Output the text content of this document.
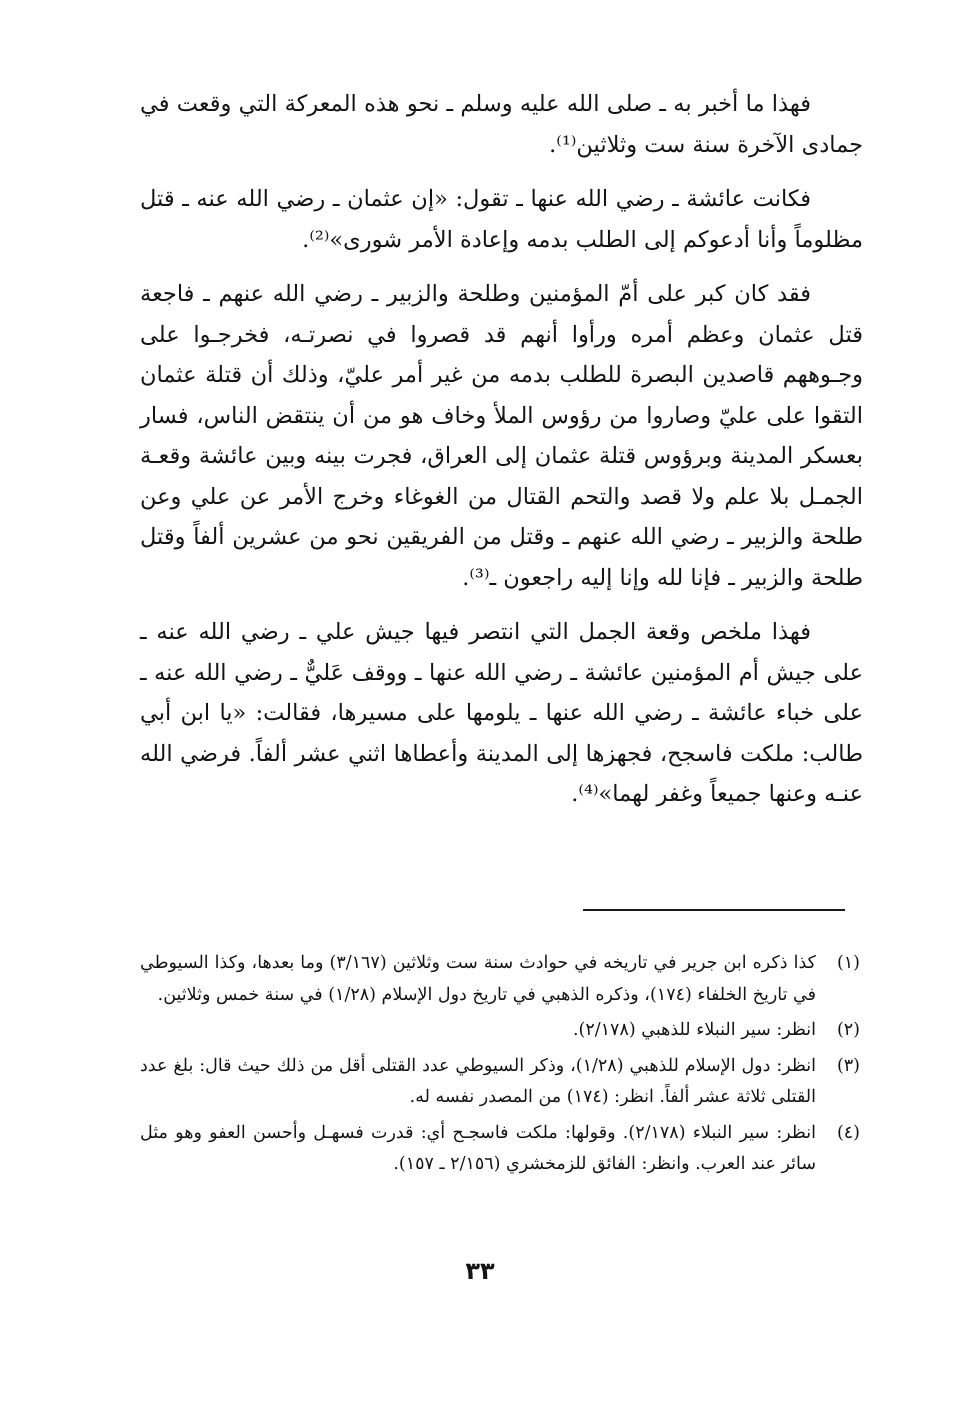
فهذا ما أخبر به ـ صلى الله عليه وسلم ـ نحو هذه المعركة التي وقعت في جمادى الآخرة سنة ست وثلاثين⁽¹⁾.

فكانت عائشة ـ رضي الله عنها ـ تقول: «إن عثمان ـ رضي الله عنه ـ قتل مظلوماً وأنا أدعوكم إلى الطلب بدمه وإعادة الأمر شورى»⁽²⁾.

فقد كان كبر على أمّ المؤمنين وطلحة والزبير ـ رضي الله عنهم ـ فاجعة قتل عثمان وعظم أمره ورأوا أنهم قد قصروا في نصرتـه، فخرجـوا على وجـوههم قاصدين البصرة للطلب بدمه من غير أمر عليّ، وذلك أن قتلة عثمان التقوا على عليّ وصاروا من رؤوس الملأ وخاف هو من أن ينتقض الناس، فسار بعسكر المدينة وبرؤوس قتلة عثمان إلى العراق، فجرت بينه وبين عائشة وقعـة الجمـل بلا علم ولا قصد والتحم القتال من الغوغاء وخرج الأمر عن علي وعن طلحة والزبير ـ رضي الله عنهم ـ وقتل من الفريقين نحو من عشرين ألفاً وقتل طلحة والزبير ـ فإنا لله وإنا إليه راجعون ـ⁽³⁾.

فهذا ملخص وقعة الجمل التي انتصر فيها جيش علي ـ رضي الله عنه ـ على جيش أم المؤمنين عائشة ـ رضي الله عنها ـ ووقف عَليٌّ ـ رضي الله عنه ـ على خباء عائشة ـ رضي الله عنها ـ يلومها على مسيرها، فقالت: «يا ابن أبي طالب: ملكت فاسجح، فجهزها إلى المدينة وأعطاها اثني عشر ألفاً. فرضي الله عنـه وعنها جميعاً وغفر لهما»⁽⁴⁾.

(١)
كذا ذكره ابن جرير في تاريخه في حوادث سنة ست وثلاثين (٣/١٦٧) وما بعدها، وكذا السيوطي في تاريخ الخلفاء (١٧٤)، وذكره الذهبي في تاريخ دول الإسلام (١/٢٨) في سنة خمس وثلاثين.
(٢)
انظر: سير النبلاء للذهبي (٢/١٧٨).
(٣)
انظر: دول الإسلام للذهبي (١/٢٨)، وذكر السيوطي عدد القتلى أقل من ذلك حيث قال: بلغ عدد القتلى ثلاثة عشر ألفاً. انظر: (١٧٤) من المصدر نفسه له.
(٤)
انظر: سير النبلاء (٢/١٧٨). وقولها: ملكت فاسجـح أي: قدرت فسهـل وأحسن العفو وهو مثل سائر عند العرب. وانظر: الفائق للزمخشري (٢/١٥٦ ـ ١٥٧).
٣٣
